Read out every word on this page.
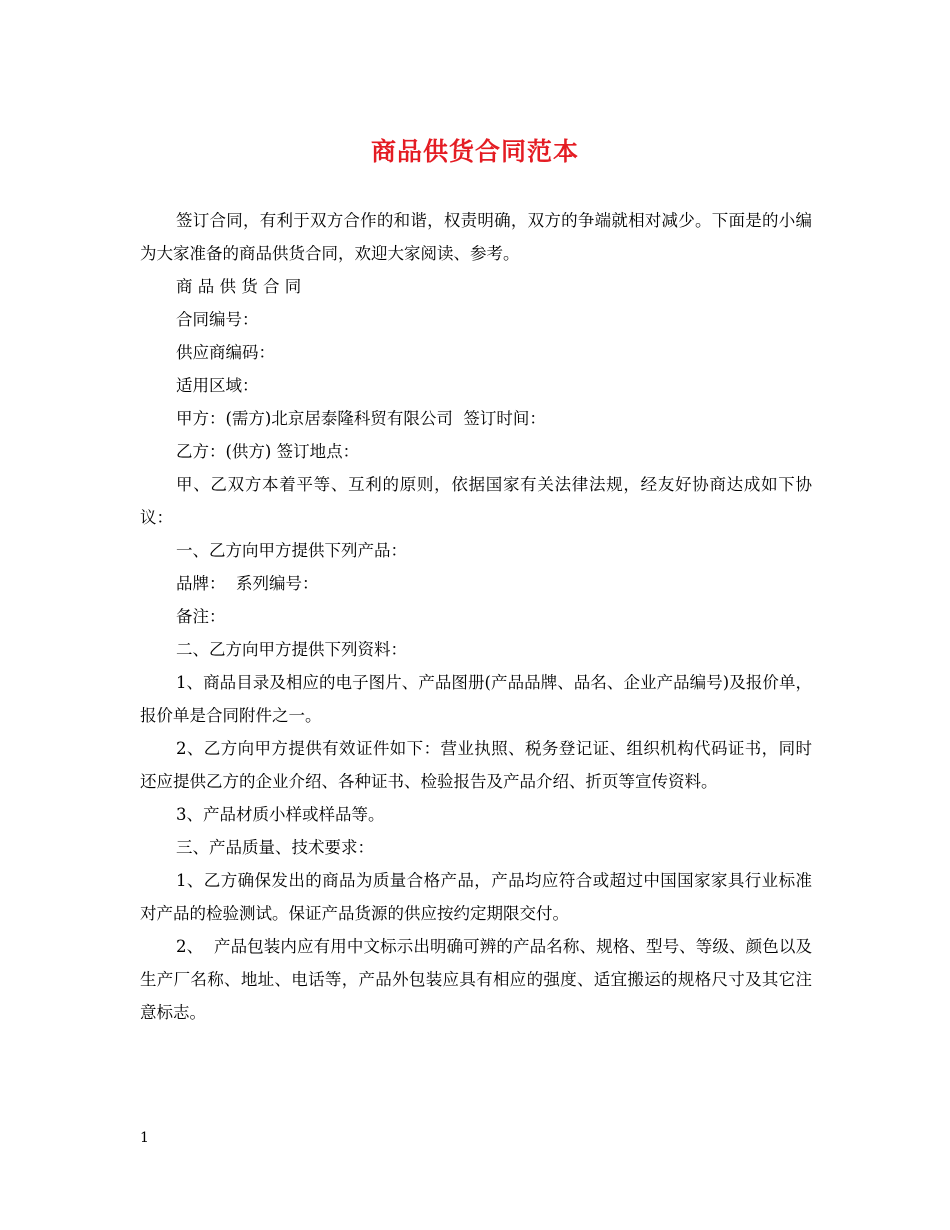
商品供货合同范本

签订合同，有利于双方合作的和谐，权责明确，双方的争端就相对减少。下面是的小编为大家准备的商品供货合同，欢迎大家阅读、参考。

商 品 供 货 合 同

合同编号：

供应商编码：

适用区域：

甲方：(需方)北京居泰隆科贸有限公司  签订时间：

乙方：(供方) 签订地点：

甲、乙双方本着平等、互利的原则，依据国家有关法律法规，经友好协商达成如下协议：

一、乙方向甲方提供下列产品：

品牌：  系列编号：

备注：

二、乙方向甲方提供下列资料：

1、商品目录及相应的电子图片、产品图册(产品品牌、品名、企业产品编号)及报价单，报价单是合同附件之一。

2、乙方向甲方提供有效证件如下：营业执照、税务登记证、组织机构代码证书，同时还应提供乙方的企业介绍、各种证书、检验报告及产品介绍、折页等宣传资料。

3、产品材质小样或样品等。

三、产品质量、技术要求：

1、乙方确保发出的商品为质量合格产品，产品均应符合或超过中国国家家具行业标准对产品的检验测试。保证产品货源的供应按约定期限交付。

2、  产品包装内应有用中文标示出明确可辨的产品名称、规格、型号、等级、颜色以及生产厂名称、地址、电话等，产品外包装应具有相应的强度、适宜搬运的规格尺寸及其它注意标志。

1
